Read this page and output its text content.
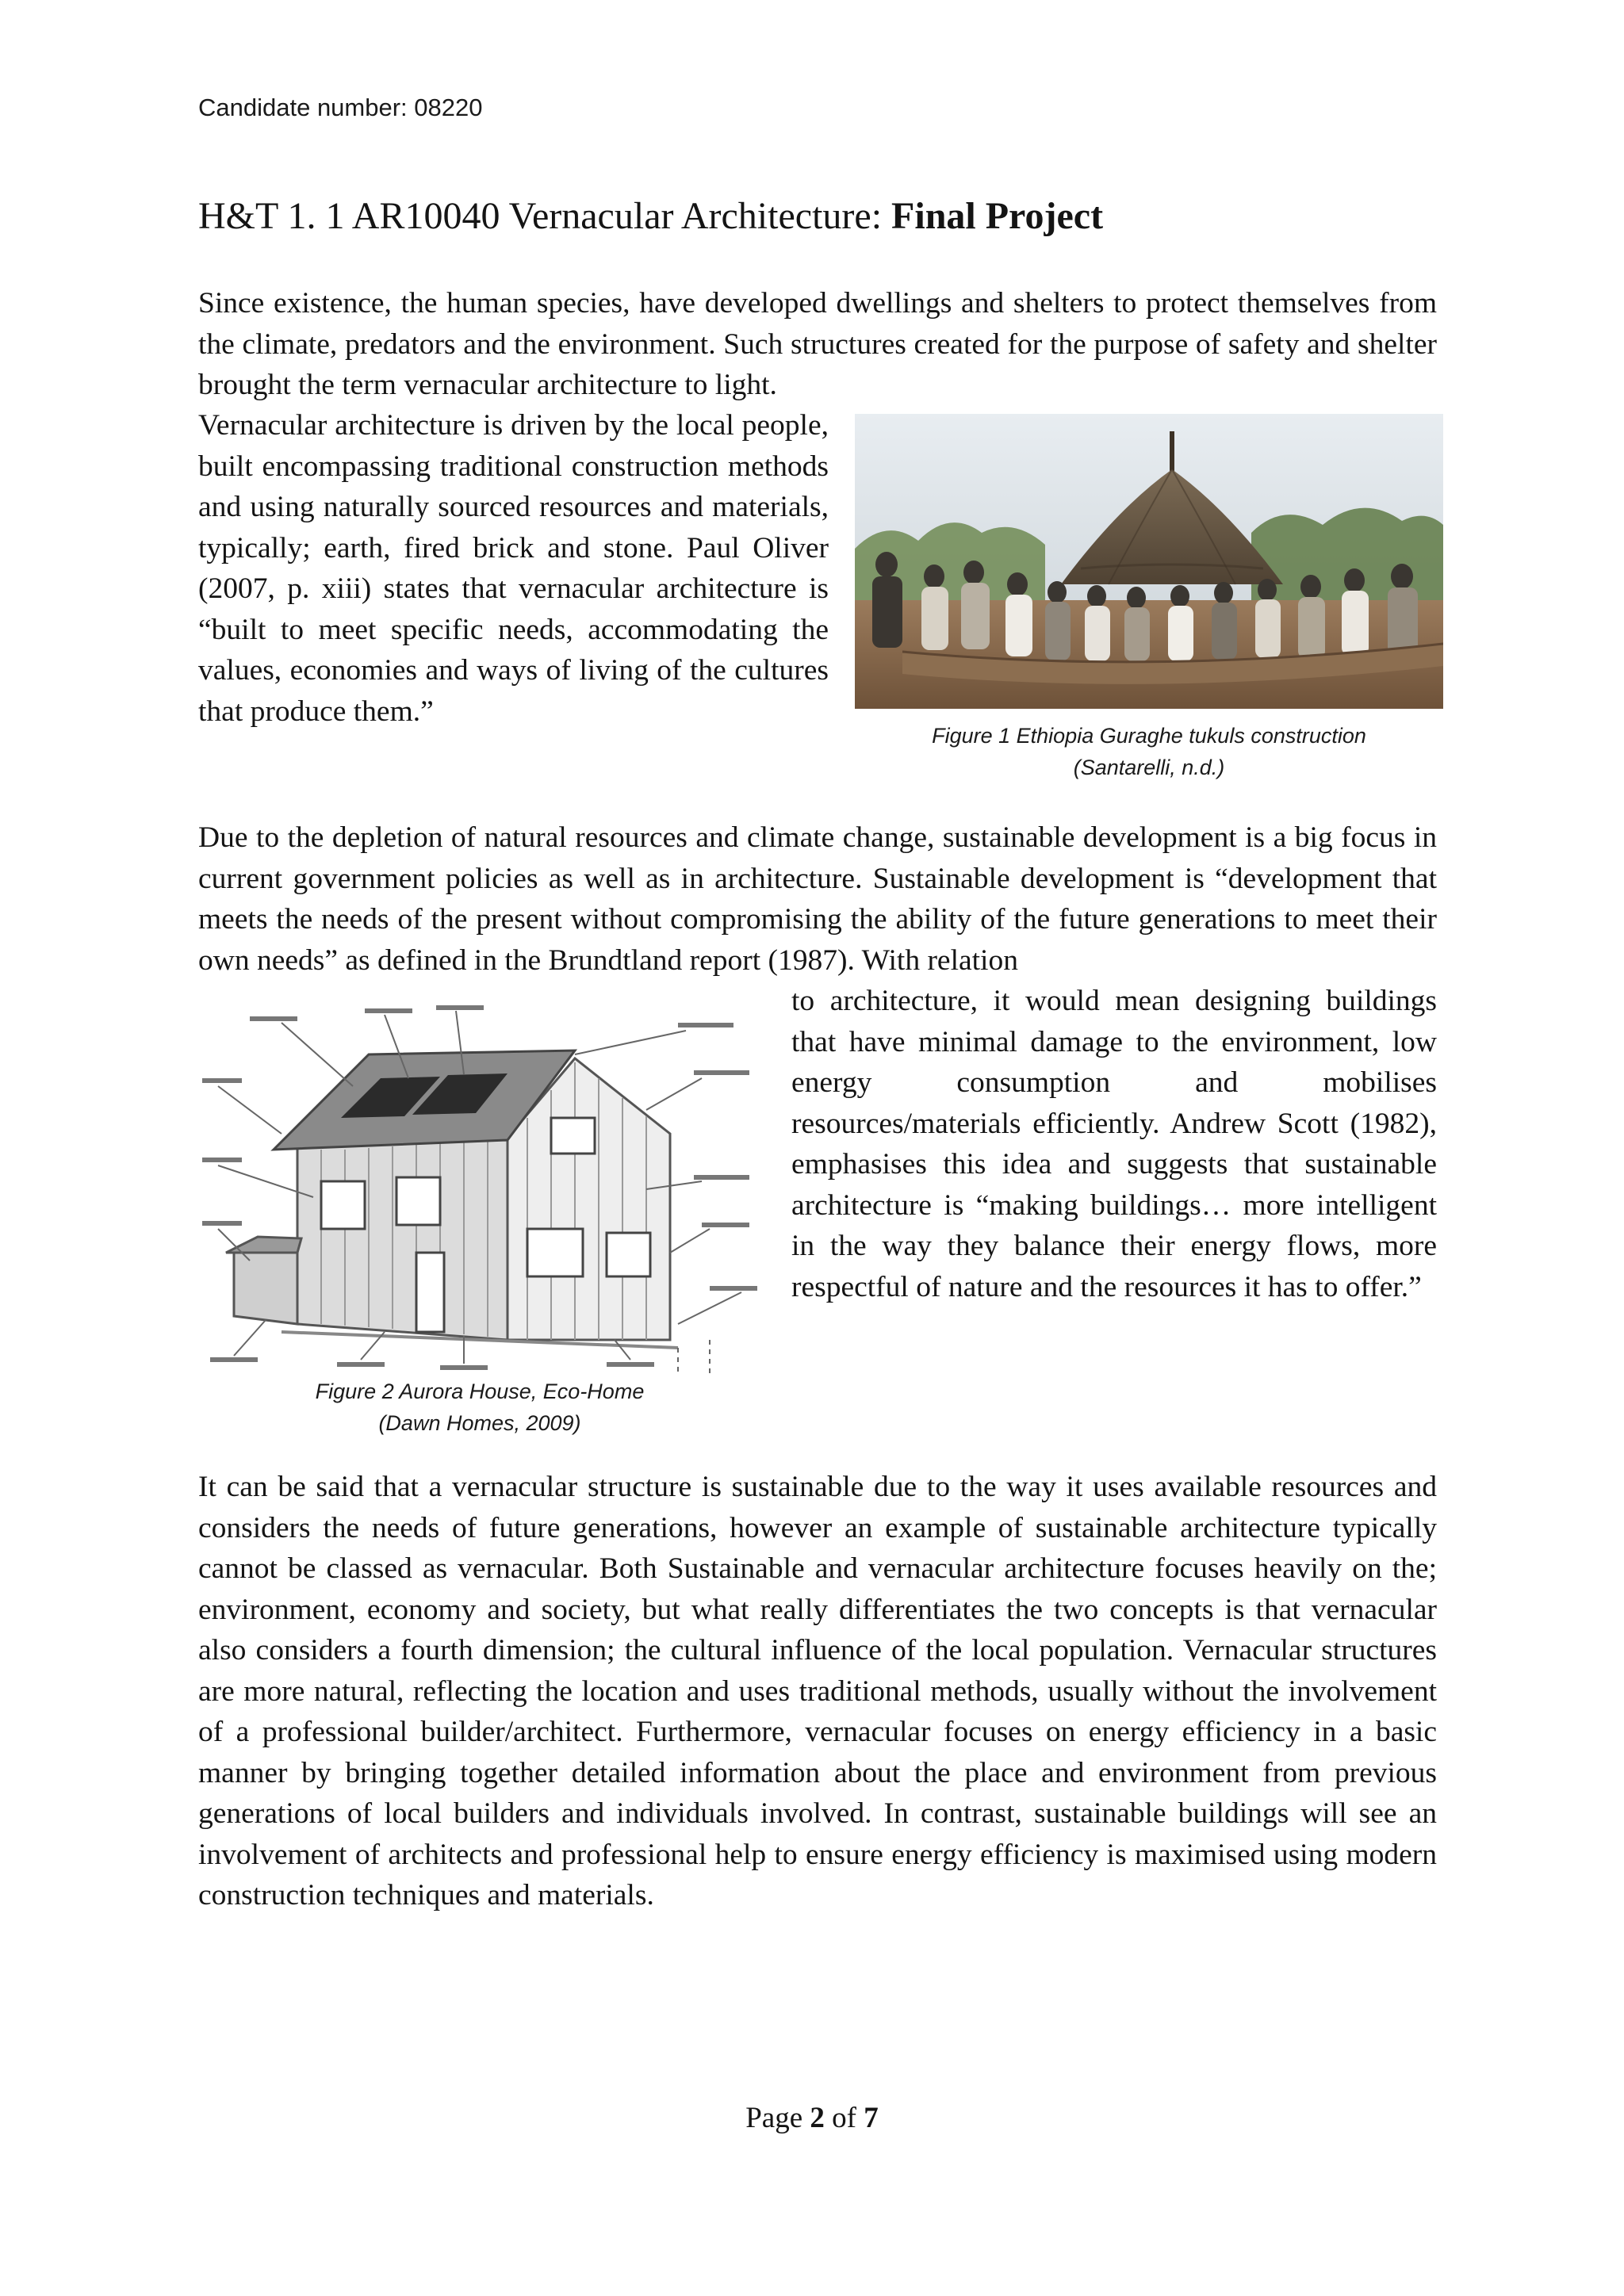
Candidate number: 08220
H&T 1. 1 AR10040 Vernacular Architecture: Final Project

Since existence, the human species, have developed dwellings and shelters to protect themselves from the climate, predators and the environment. Such structures created for the purpose of safety and shelter brought the term vernacular architecture to light.

Vernacular architecture is driven by the local people, built encompassing traditional construction methods and using naturally sourced resources and materials, typically; earth, fired brick and stone. Paul Oliver (2007, p. xiii) states that vernacular architecture is “built to meet specific needs, accommodating the values, economies and ways of living of the cultures that produce them.”

Figure 1 Ethiopia Guraghe tukuls construction
(Santarelli, n.d.)

Due to the depletion of natural resources and climate change, sustainable development is a big focus in current government policies as well as in architecture. Sustainable development is “development that meets the needs of the present without compromising the ability of the future generations to meet their own needs” as defined in the Brundtland report (1987). With relation

to architecture, it would mean designing buildings that have minimal damage to the environment, low energy consumption and mobilises resources/materials efficiently. Andrew Scott (1982), emphasises this idea and suggests that sustainable architecture is “making buildings… more intelligent in the way they balance their energy flows, more respectful of nature and the resources it has to offer.”

Figure 2 Aurora House, Eco-Home
(Dawn Homes, 2009)

It can be said that a vernacular structure is sustainable due to the way it uses available resources and considers the needs of future generations, however an example of sustainable architecture typically cannot be classed as vernacular. Both Sustainable and vernacular architecture focuses heavily on the; environment, economy and society, but what really differentiates the two concepts is that vernacular also considers a fourth dimension; the cultural influence of the local population. Vernacular structures are more natural, reflecting the location and uses traditional methods, usually without the involvement of a professional builder/architect. Furthermore, vernacular focuses on energy efficiency in a basic manner by bringing together detailed information about the place and environment from previous generations of local builders and individuals involved. In contrast, sustainable buildings will see an involvement of architects and professional help to ensure energy efficiency is maximised using modern construction techniques and materials.

Page 2 of 7
